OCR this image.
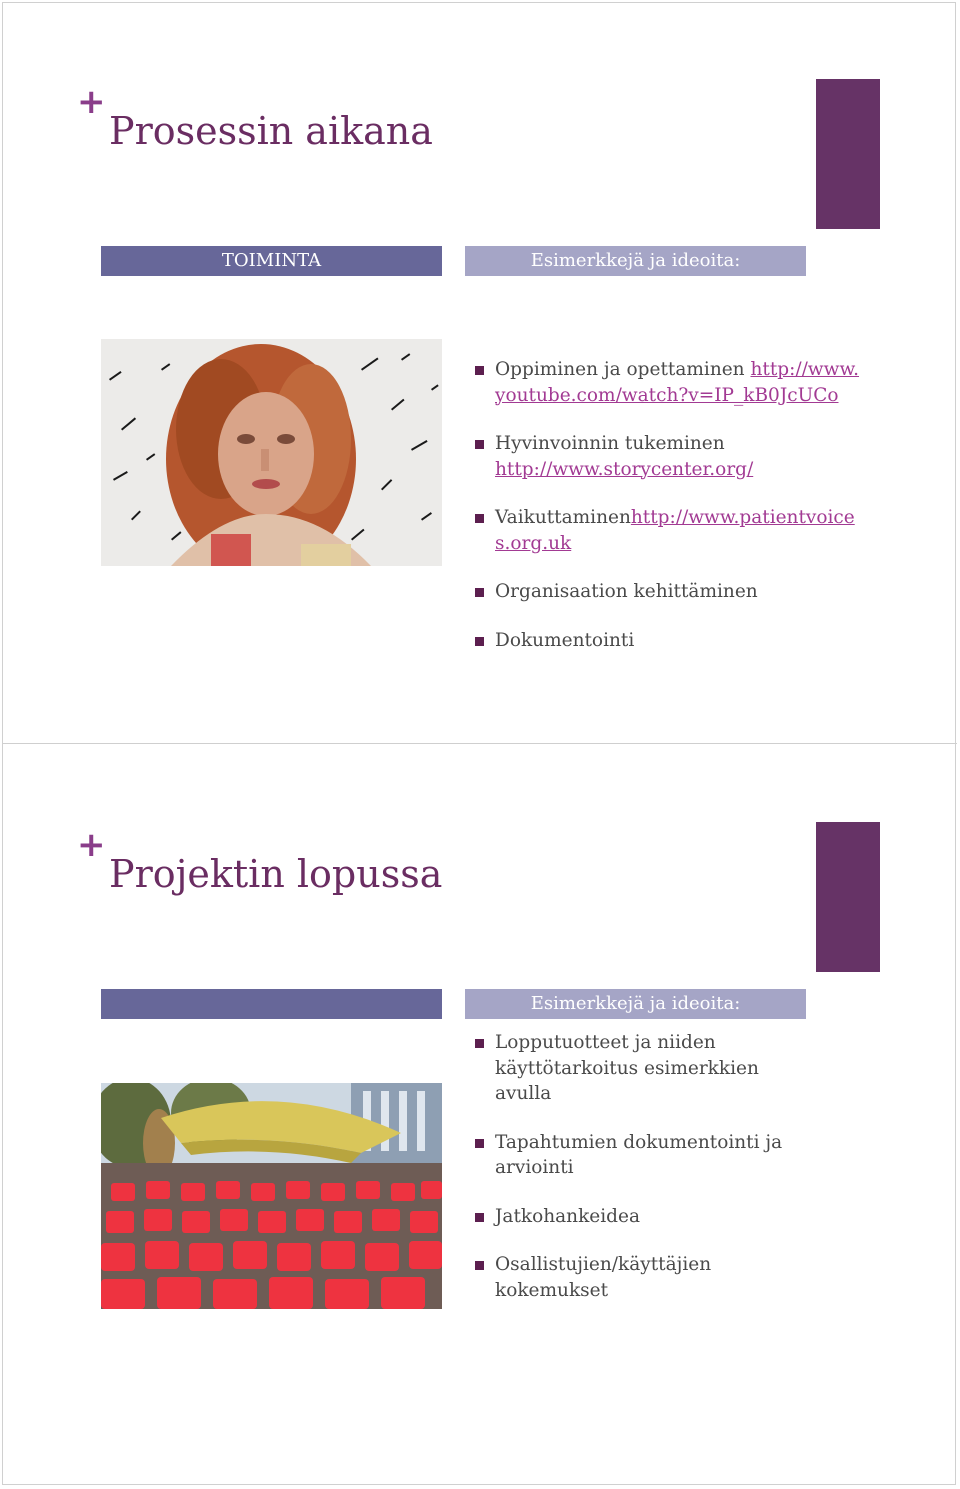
+
Prosessin aikana
TOIMINTA	Esimerkkejä ja ideoita:
Oppiminen ja opettaminen http://www.youtube.com/watch?v=IP_kB0JcUCo
Hyvinvoinnin tukeminen http://www.storycenter.org/
Vaikuttaminenhttp://www.patientvoices.org.uk
Organisaation kehittäminen
Dokumentointi
+
Projektin lopussa
Esimerkkejä ja ideoita:
Lopputuotteet ja niiden käyttötarkoitus esimerkkien avulla
Tapahtumien dokumentointi ja arviointi
Jatkohankeidea
Osallistujien/käyttäjien kokemukset
